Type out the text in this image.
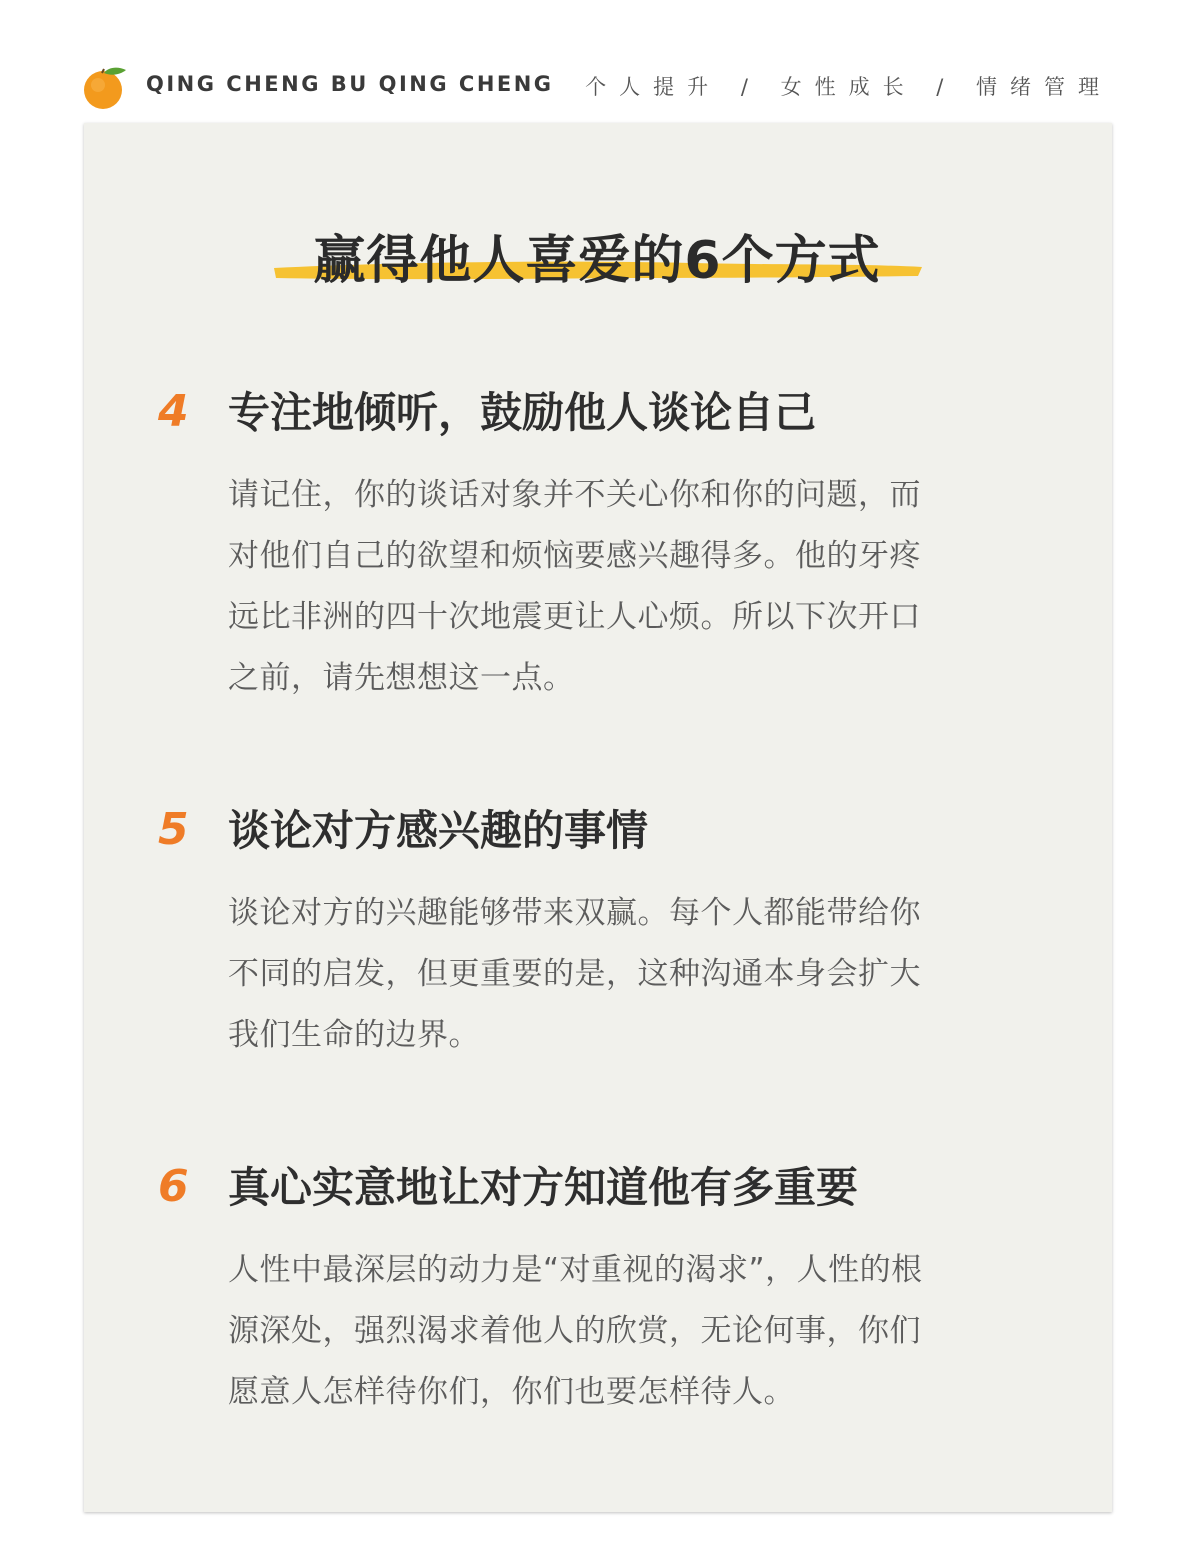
QING CHENG BU QING CHENG 个人提升 / 女性成长 / 情绪管理
赢得他人喜爱的6个方式
4 专注地倾听，鼓励他人谈论自己
请记住，你的谈话对象并不关心你和你的问题，而
对他们自己的欲望和烦恼要感兴趣得多。他的牙疼
远比非洲的四十次地震更让人心烦。所以下次开口
之前，请先想想这一点。
5 谈论对方感兴趣的事情
谈论对方的兴趣能够带来双赢。每个人都能带给你
不同的启发，但更重要的是，这种沟通本身会扩大
我们生命的边界。
6 真心实意地让对方知道他有多重要
人性中最深层的动力是“对重视的渴求”，人性的根
源深处，强烈渴求着他人的欣赏，无论何事，你们
愿意人怎样待你们，你们也要怎样待人。
